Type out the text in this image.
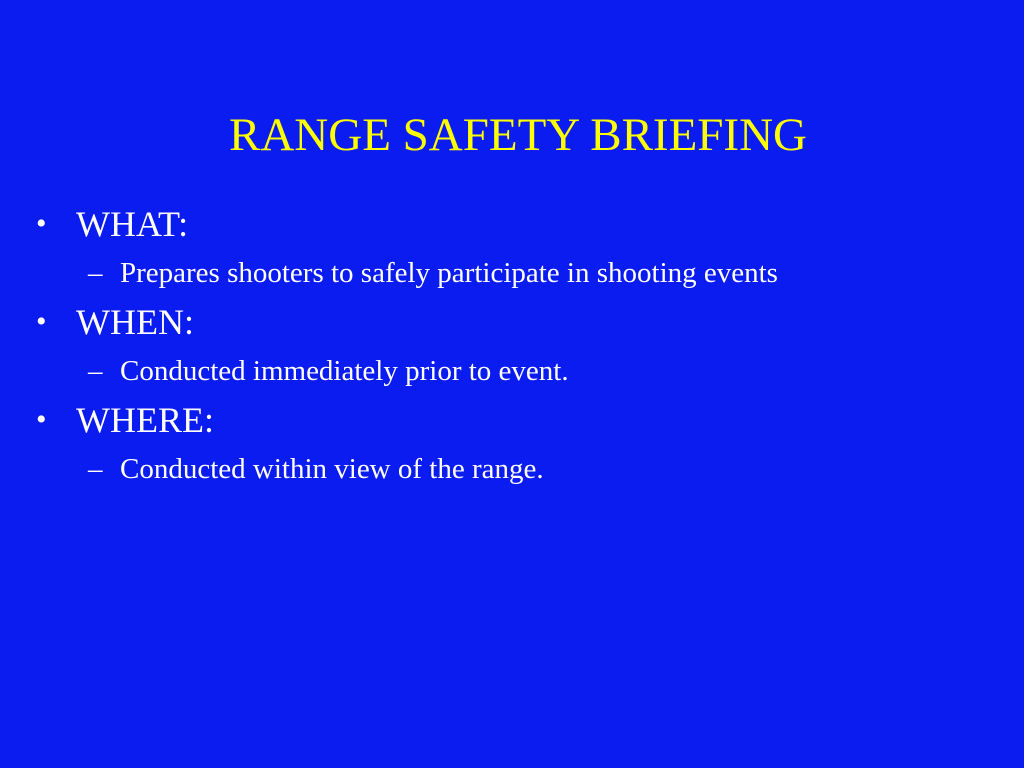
RANGE SAFETY BRIEFING
• WHAT:
– Prepares shooters to safely participate in shooting events
• WHEN:
– Conducted immediately prior to event.
• WHERE:
– Conducted within view of the range.
